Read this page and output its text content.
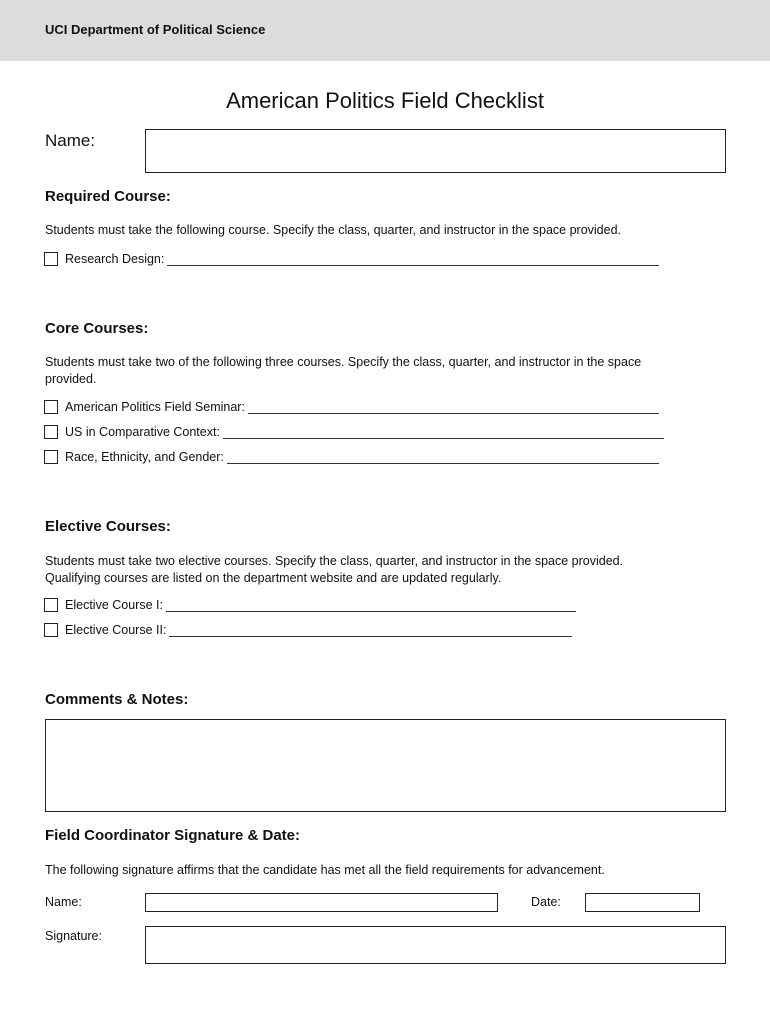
UCI Department of Political Science
American Politics Field Checklist
Name:
Required Course:
Students must take the following course. Specify the class, quarter, and instructor in the space provided.
Research Design:
Core Courses:
Students must take two of the following three courses. Specify the class, quarter, and instructor in the space
provided.
American Politics Field Seminar:
US in Comparative Context:
Race, Ethnicity, and Gender:
Elective Courses:
Students must take two elective courses. Specify the class, quarter, and instructor in the space provided.
Qualifying courses are listed on the department website and are updated regularly.
Elective Course I:
Elective Course II:
Comments & Notes:
Field Coordinator Signature & Date:
The following signature affirms that the candidate has met all the field requirements for advancement.
Name:	Date:
Signature:
